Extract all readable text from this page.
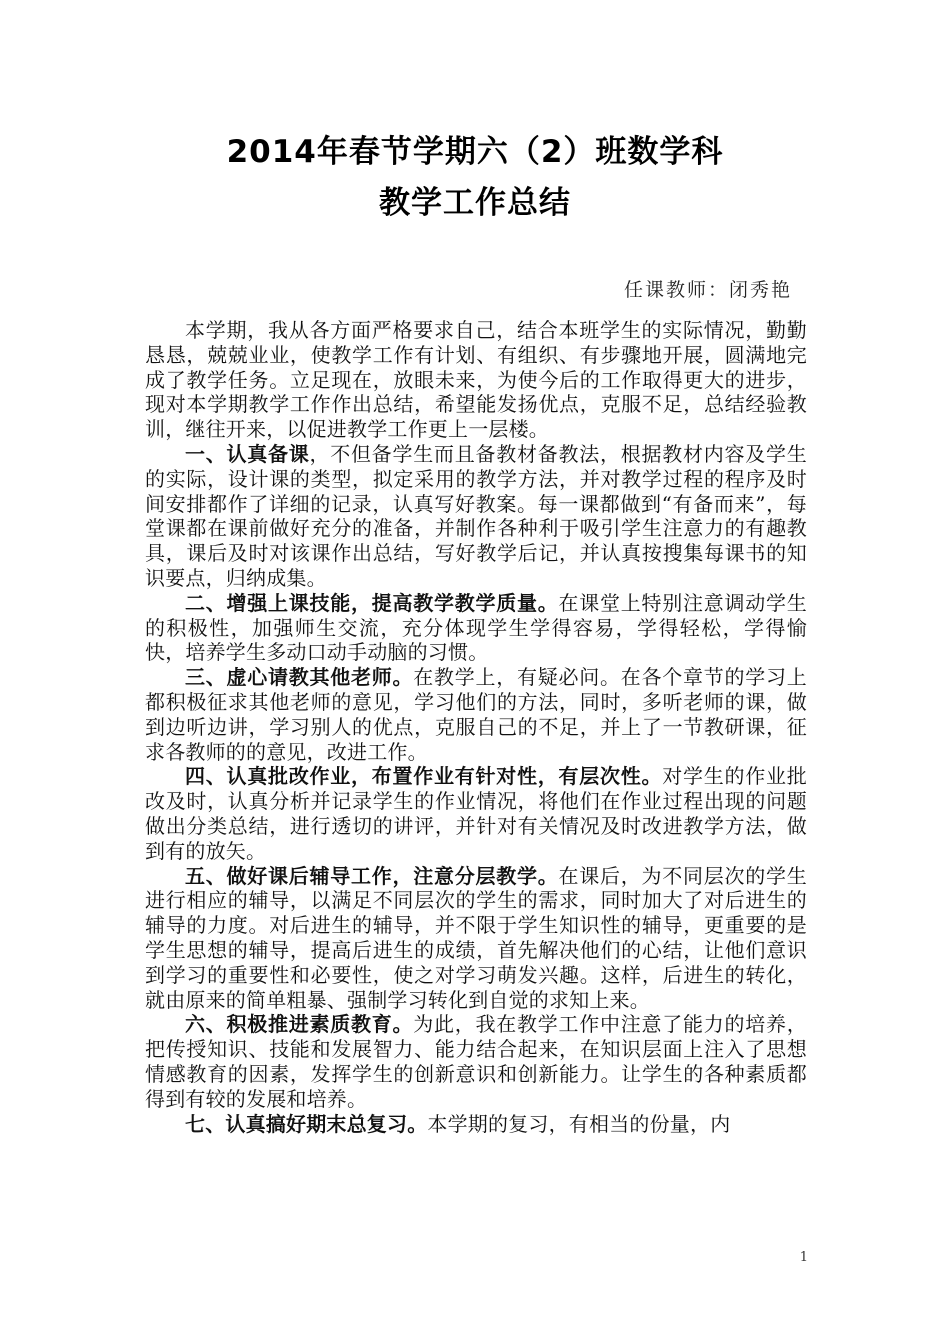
2014年春节学期六（2）班数学科
教学工作总结
任课教师：闭秀艳

本学期，我从各方面严格要求自己，结合本班学生的实际情况，勤勤恳恳，兢兢业业，使教学工作有计划、有组织、有步骤地开展，圆满地完成了教学任务。立足现在，放眼未来，为使今后的工作取得更大的进步，现对本学期教学工作作出总结，希望能发扬优点，克服不足，总结经验教训，继往开来，以促进教学工作更上一层楼。

一、认真备课，不但备学生而且备教材备教法，根据教材内容及学生的实际，设计课的类型，拟定采用的教学方法，并对教学过程的程序及时间安排都作了详细的记录，认真写好教案。每一课都做到“有备而来”，每堂课都在课前做好充分的准备，并制作各种利于吸引学生注意力的有趣教具，课后及时对该课作出总结，写好教学后记，并认真按搜集每课书的知识要点，归纳成集。

二、增强上课技能，提高教学教学质量。在课堂上特别注意调动学生的积极性，加强师生交流，充分体现学生学得容易，学得轻松，学得愉快，培养学生多动口动手动脑的习惯。

三、虚心请教其他老师。在教学上，有疑必问。在各个章节的学习上都积极征求其他老师的意见，学习他们的方法，同时，多听老师的课，做到边听边讲，学习别人的优点，克服自己的不足，并上了一节教研课，征求各教师的的意见，改进工作。

四、认真批改作业，布置作业有针对性，有层次性。对学生的作业批改及时，认真分析并记录学生的作业情况，将他们在作业过程出现的问题做出分类总结，进行透切的讲评，并针对有关情况及时改进教学方法，做到有的放矢。

五、做好课后辅导工作，注意分层教学。在课后，为不同层次的学生进行相应的辅导，以满足不同层次的学生的需求，同时加大了对后进生的辅导的力度。对后进生的辅导，并不限于学生知识性的辅导，更重要的是学生思想的辅导，提高后进生的成绩，首先解决他们的心结，让他们意识到学习的重要性和必要性，使之对学习萌发兴趣。这样，后进生的转化，就由原来的简单粗暴、强制学习转化到自觉的求知上来。

六、积极推进素质教育。为此，我在教学工作中注意了能力的培养，把传授知识、技能和发展智力、能力结合起来，在知识层面上注入了思想情感教育的因素，发挥学生的创新意识和创新能力。让学生的各种素质都得到有较的发展和培养。

七、认真搞好期末总复习。本学期的复习，有相当的份量，内

1
